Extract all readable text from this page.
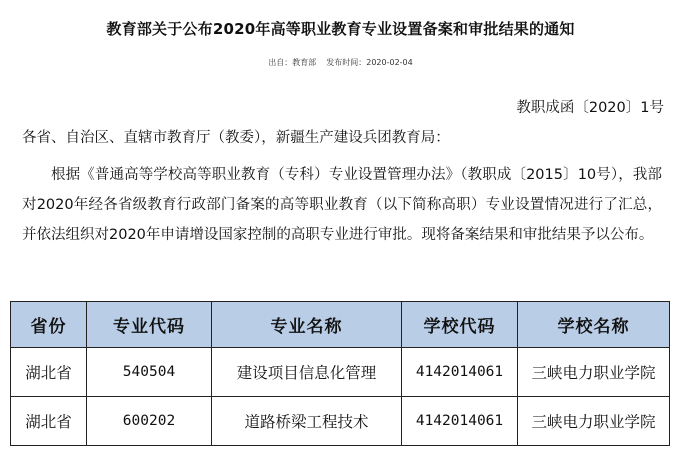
教育部关于公布2020年高等职业教育专业设置备案和审批结果的通知
出自：教育部 发布时间：2020-02-04
教职成函〔2020〕1号
各省、自治区、直辖市教育厅（教委），新疆生产建设兵团教育局：

根据《普通高等学校高等职业教育（专科）专业设置管理办法》（教职成〔2015〕10号），我部对2020年经各省级教育行政部门备案的高等职业教育（以下简称高职）专业设置情况进行了汇总，并依法组织对2020年申请增设国家控制的高职专业进行审批。现将备案结果和审批结果予以公布。

省份	专业代码	专业名称	学校代码	学校名称
湖北省	540504	建设项目信息化管理	4142014061	三峡电力职业学院
湖北省	600202	道路桥梁工程技术	4142014061	三峡电力职业学院
